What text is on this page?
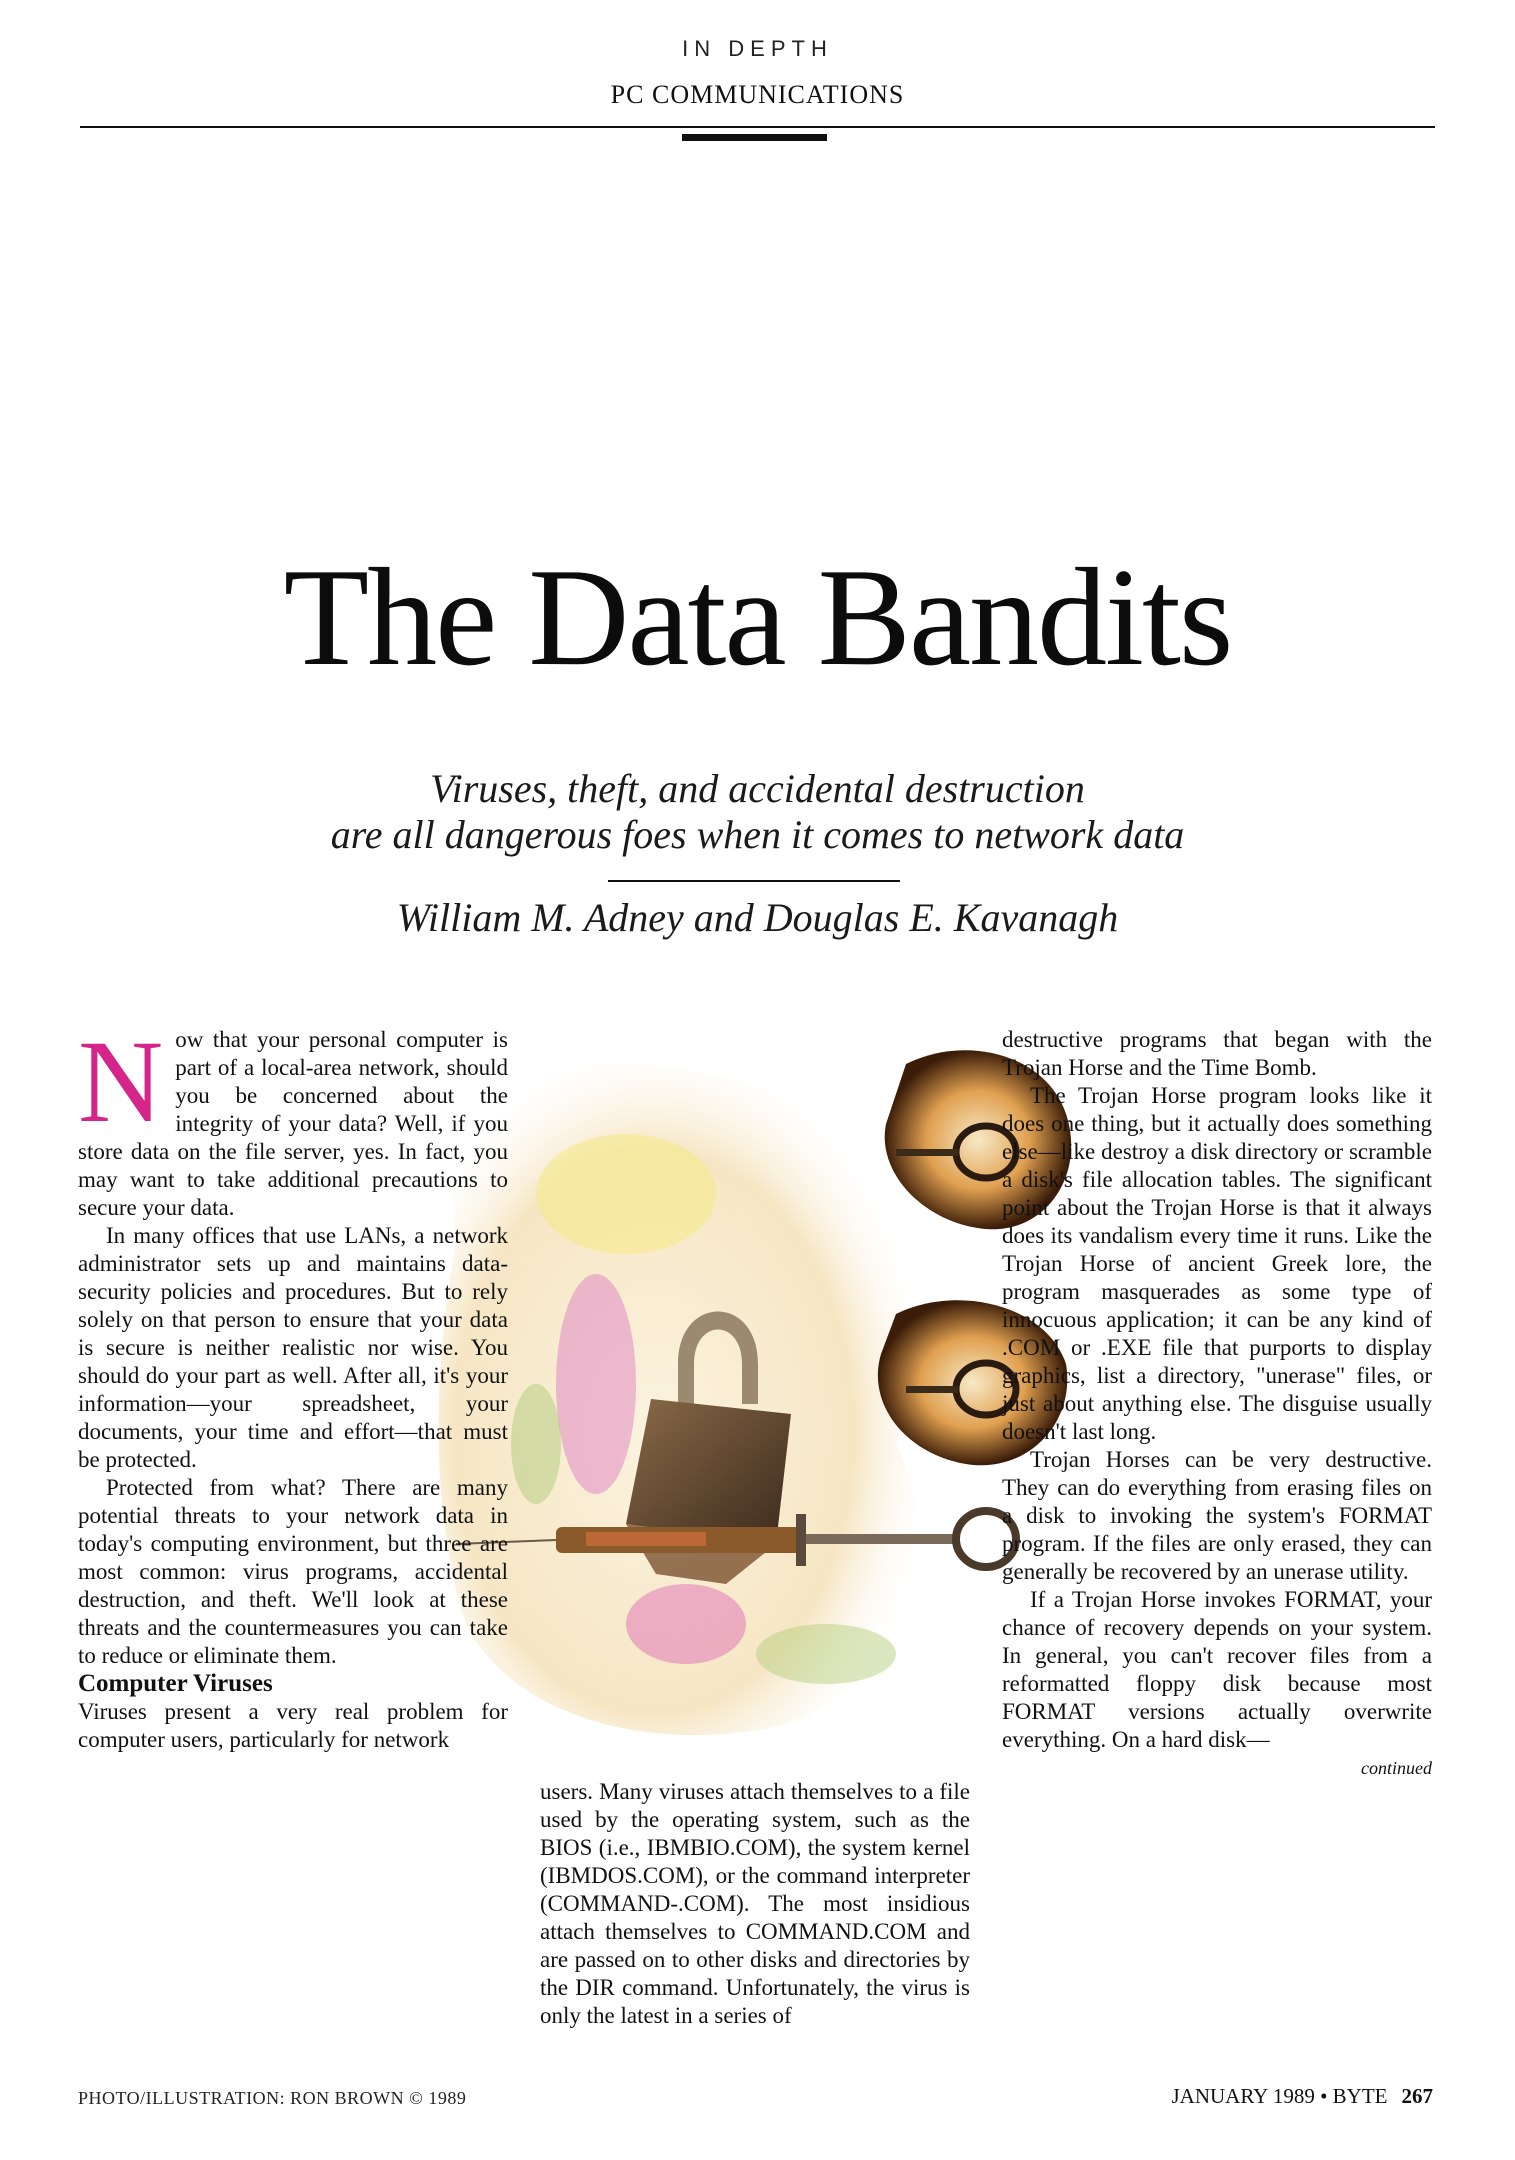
IN DEPTH
PC COMMUNICATIONS
The Data Bandits
Viruses, theft, and accidental destruction
are all dangerous foes when it comes to network data
William M. Adney and Douglas E. Kavanagh
N ow that your personal computer is part of a local-area network, should you be concerned about the integrity of your data? Well, if you store data on the file server, yes. In fact, you may want to take additional precautions to secure your data.

In many offices that use LANs, a network administrator sets up and maintains data-security policies and procedures. But to rely solely on that person to ensure that your data is secure is neither realistic nor wise. You should do your part as well. After all, it's your information—your spreadsheet, your documents, your time and effort—that must be protected.

Protected from what? There are many potential threats to your network data in today's computing environment, but three are most common: virus programs, accidental destruction, and theft. We'll look at these threats and the countermeasures you can take to reduce or eliminate them.

Computer Viruses

Viruses present a very real problem for computer users, particularly for network

users. Many viruses attach themselves to a file used by the operating system, such as the BIOS (i.e., IBMBIO.COM), the system kernel (IBMDOS.COM), or the command interpreter (COMMAND-.COM). The most insidious attach themselves to COMMAND.COM and are passed on to other disks and directories by the DIR command. Unfortunately, the virus is only the latest in a series of

destructive programs that began with the Trojan Horse and the Time Bomb.

The Trojan Horse program looks like it does one thing, but it actually does something else—like destroy a disk directory or scramble a disk's file allocation tables. The significant point about the Trojan Horse is that it always does its vandalism every time it runs. Like the Trojan Horse of ancient Greek lore, the program masquerades as some type of innocuous application; it can be any kind of .COM or .EXE file that purports to display graphics, list a directory, "unerase" files, or just about anything else. The disguise usually doesn't last long.

Trojan Horses can be very destructive. They can do everything from erasing files on a disk to invoking the system's FORMAT program. If the files are only erased, they can generally be recovered by an unerase utility.

If a Trojan Horse invokes FORMAT, your chance of recovery depends on your system. In general, you can't recover files from a reformatted floppy disk because most FORMAT versions actually overwrite everything. On a hard disk—

continued
PHOTO/ILLUSTRATION: RON BROWN © 1989	JANUARY 1989 • BYTE 267
